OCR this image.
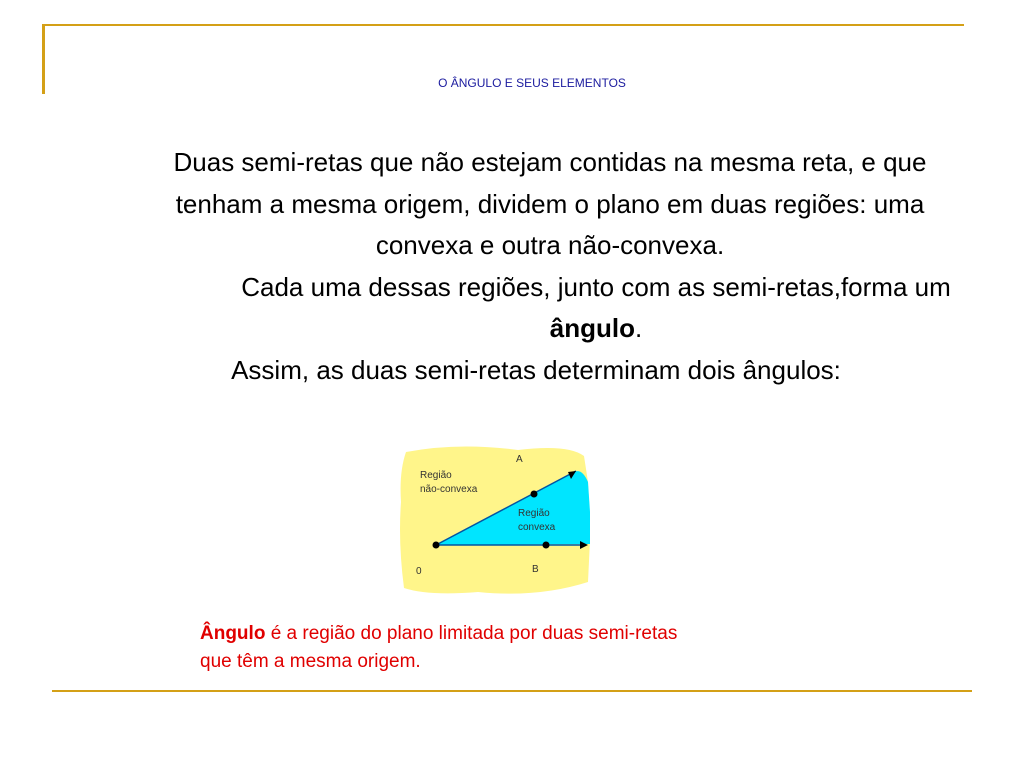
O ÂNGULO E SEUS ELEMENTOS

Duas semi-retas que não estejam contidas na mesma reta, e que tenham a mesma origem, dividem o plano em duas regiões: uma convexa e outra não-convexa.

Cada uma dessas regiões, junto com as semi-retas,forma um ângulo.

Assim, as duas semi-retas determinam dois ângulos:

Região
não-convexa
Região
convexa
A
B
0

Ângulo é a região do plano limitada por duas semi-retas

que têm a mesma origem.
